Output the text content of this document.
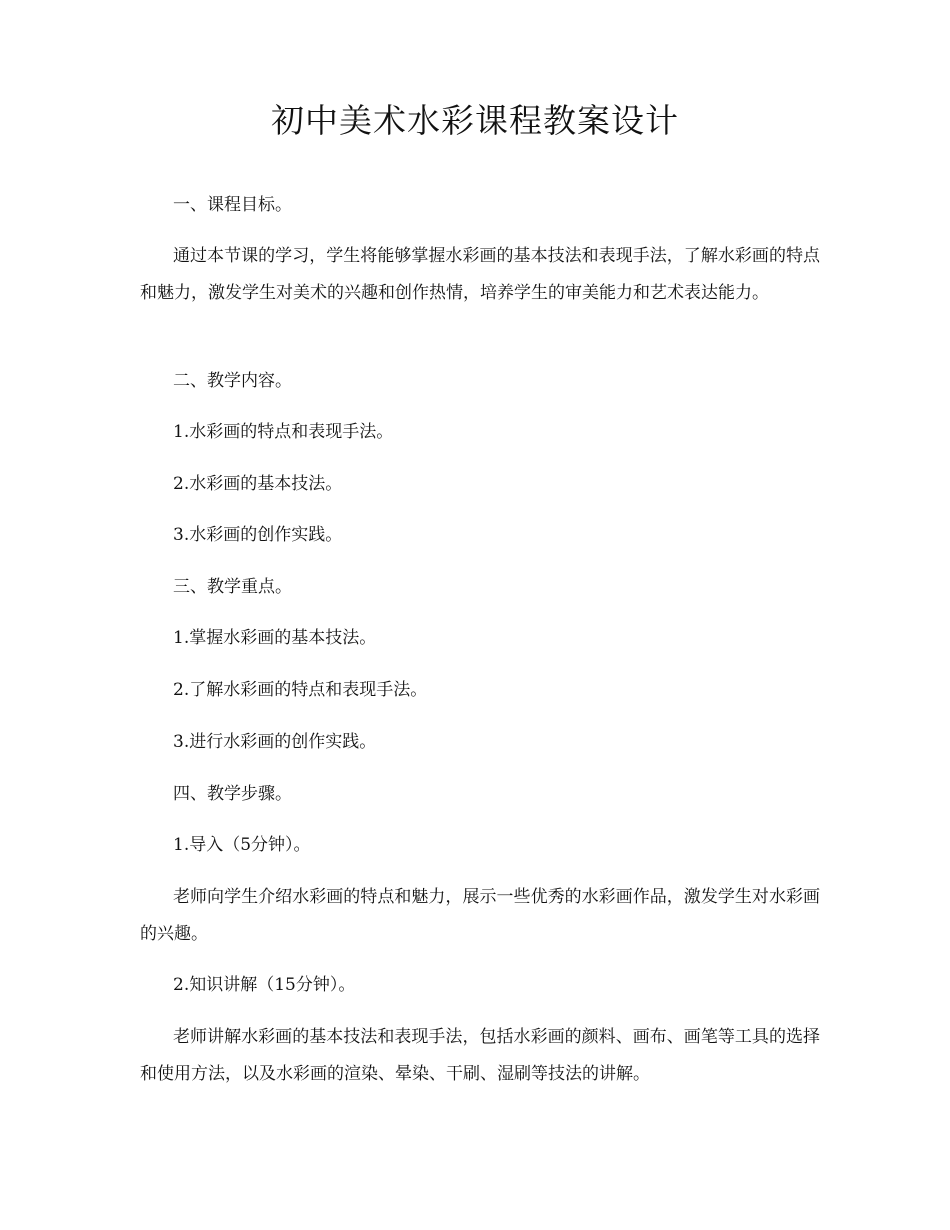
初中美术水彩课程教案设计

一、课程目标。

通过本节课的学习，学生将能够掌握水彩画的基本技法和表现手法，了解水彩画的特点和魅力，激发学生对美术的兴趣和创作热情，培养学生的审美能力和艺术表达能力。

二、教学内容。

1.水彩画的特点和表现手法。

2.水彩画的基本技法。

3.水彩画的创作实践。

三、教学重点。

1.掌握水彩画的基本技法。

2.了解水彩画的特点和表现手法。

3.进行水彩画的创作实践。

四、教学步骤。

1.导入（5分钟）。

老师向学生介绍水彩画的特点和魅力，展示一些优秀的水彩画作品，激发学生对水彩画的兴趣。

2.知识讲解（15分钟）。

老师讲解水彩画的基本技法和表现手法，包括水彩画的颜料、画布、画笔等工具的选择和使用方法，以及水彩画的渲染、晕染、干刷、湿刷等技法的讲解。
